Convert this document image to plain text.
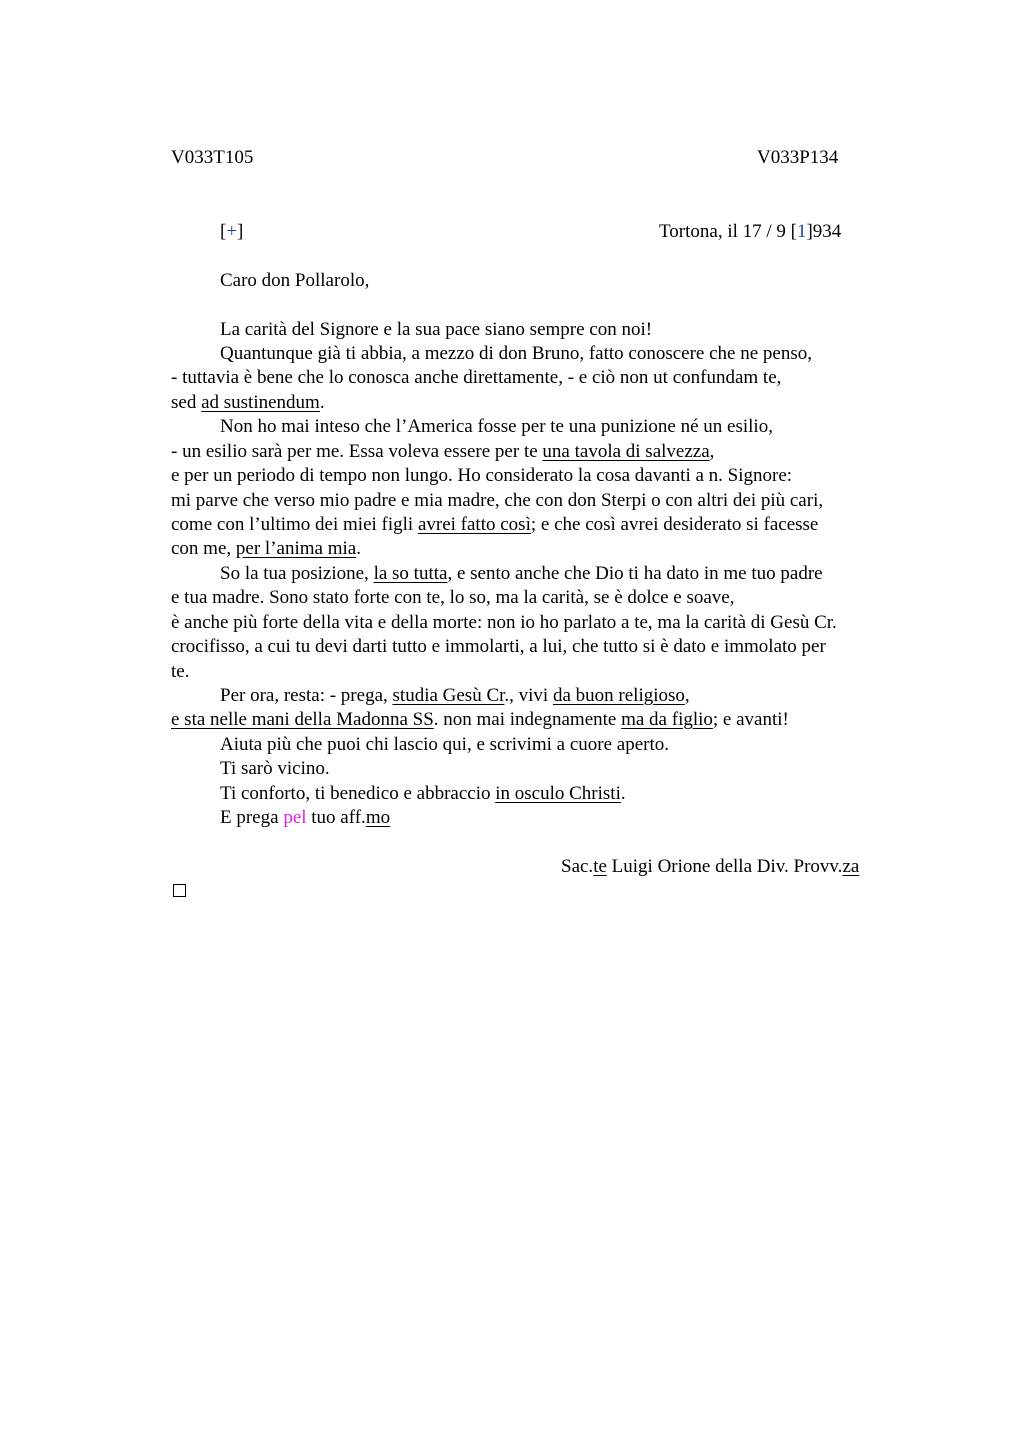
V033T105	V033P134
[+]	Tortona, il 17 / 9 [1]934
Caro don Pollarolo,
La carità del Signore e la sua pace siano sempre con noi!
Quantunque già ti abbia, a mezzo di don Bruno, fatto conoscere che ne penso,
- tuttavia è bene che lo conosca anche direttamente, - e ciò non ut confundam te,
sed ad sustinendum.
Non ho mai inteso che l’America fosse per te una punizione né un esilio,
- un esilio sarà per me. Essa voleva essere per te una tavola di salvezza,
e per un periodo di tempo non lungo. Ho considerato la cosa davanti a n. Signore:
mi parve che verso mio padre e mia madre, che con don Sterpi o con altri dei più cari,
come con l’ultimo dei miei figli avrei fatto così; e che così avrei desiderato si facesse
con me, per l’anima mia.
So la tua posizione, la so tutta, e sento anche che Dio ti ha dato in me tuo padre
e tua madre. Sono stato forte con te, lo so, ma la carità, se è dolce e soave,
è anche più forte della vita e della morte: non io ho parlato a te, ma la carità di Gesù Cr.
crocifisso, a cui tu devi darti tutto e immolarti, a lui, che tutto si è dato e immolato per
te.
Per ora, resta: - prega, studia Gesù Cr., vivi da buon religioso,
e sta nelle mani della Madonna SS. non mai indegnamente ma da figlio; e avanti!
Aiuta più che puoi chi lascio qui, e scrivimi a cuore aperto.
Ti sarò vicino.
Ti conforto, ti benedico e abbraccio in osculo Christi.
E prega pel tuo aff.mo
Sac.te Luigi Orione della Div. Provv.za
